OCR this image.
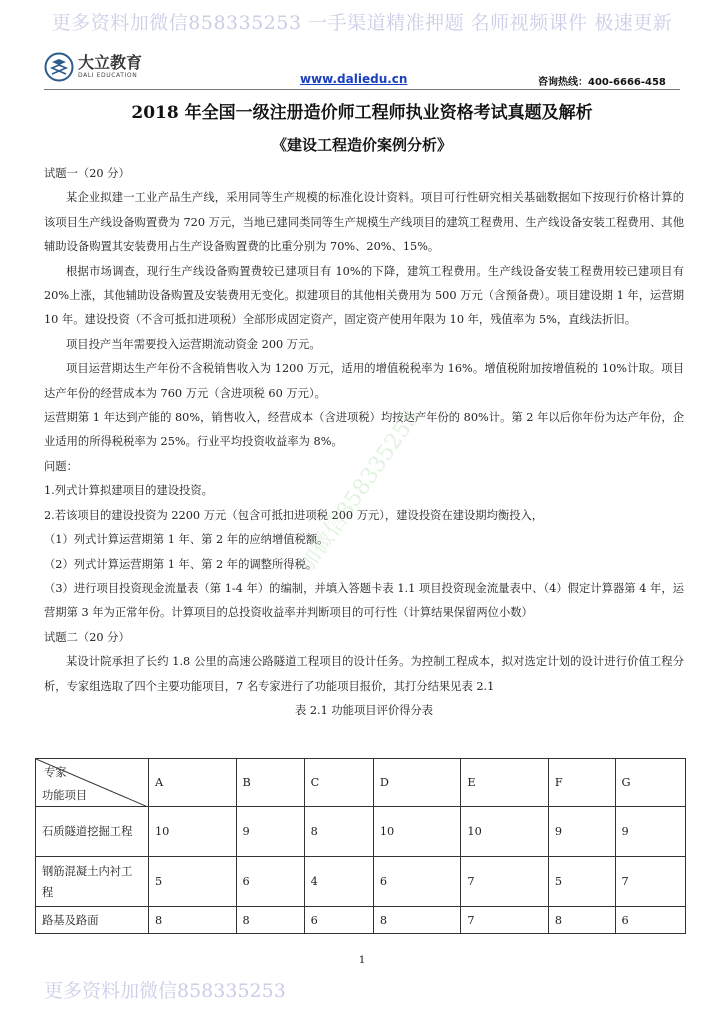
更多资料加微信858335253 一手渠道精准押题 名师视频课件 极速更新
大立教育
DALI EDUCATION	www.daliedu.cn	咨询热线：400-6666-458
2018 年全国一级注册造价师工程师执业资格考试真题及解析
《建设工程造价案例分析》

试题一（20 分）

某企业拟建一工业产品生产线，采用同等生产规模的标准化设计资料。项目可行性研究相关基础数据如下按现行价格计算的该项目生产线设备购置费为 720 万元，当地已建同类同等生产规模生产线项目的建筑工程费用、生产线设备安装工程费用、其他辅助设备购置其安装费用占生产设备购置费的比重分别为 70%、20%、15%。

根据市场调查，现行生产线设备购置费较已建项目有 10%的下降，建筑工程费用。生产线设备安装工程费用较已建项目有 20%上涨，其他辅助设备购置及安装费用无变化。拟建项目的其他相关费用为 500 万元（含预备费）。项目建设期 1 年，运营期 10 年。建设投资（不含可抵扣进项税）全部形成固定资产，固定资产使用年限为 10 年，残值率为 5%，直线法折旧。

项目投产当年需要投入运营期流动资金 200 万元。

项目运营期达生产年份不含税销售收入为 1200 万元，适用的增值税税率为 16%。增值税附加按增值税的 10%计取。项目达产年份的经营成本为 760 万元（含进项税 60 万元）。

运营期第 1 年达到产能的 80%，销售收入，经营成本（含进项税）均按达产年份的 80%计。第 2 年以后你年份为达产年份，企业适用的所得税税率为 25%。行业平均投资收益率为 8%。

问题：

1.列式计算拟建项目的建设投资。

2.若该项目的建设投资为 2200 万元（包含可抵扣进项税 200 万元），建设投资在建设期均衡投入，

（1）列式计算运营期第 1 年、第 2 年的应纳增值税额。

（2）列式计算运营期第 1 年、第 2 年的调整所得税。

（3）进行项目投资现金流量表（第 1-4 年）的编制，并填入答题卡表 1.1 项目投资现金流量表中、（4）假定计算器第 4 年，运营期第 3 年为正常年份。计算项目的总投资收益率并判断项目的可行性（计算结果保留两位小数）

试题二（20 分）

某设计院承担了长约 1.8 公里的高速公路隧道工程项目的设计任务。为控制工程成本，拟对选定计划的设计进行价值工程分析，专家组选取了四个主要功能项目，7 名专家进行了功能项目报价，其打分结果见表 2.1

表 2.1 功能项目评价得分表

专家
功能项目	A	B	C	D	E	F	G
石质隧道挖掘工程	10	9	8	10	10	9	9
钢筋混凝土内衬工程	5	6	4	6	7	5	7
路基及路面	8	8	6	8	7	8	6
加微信858335253
1
更多资料加微信858335253
